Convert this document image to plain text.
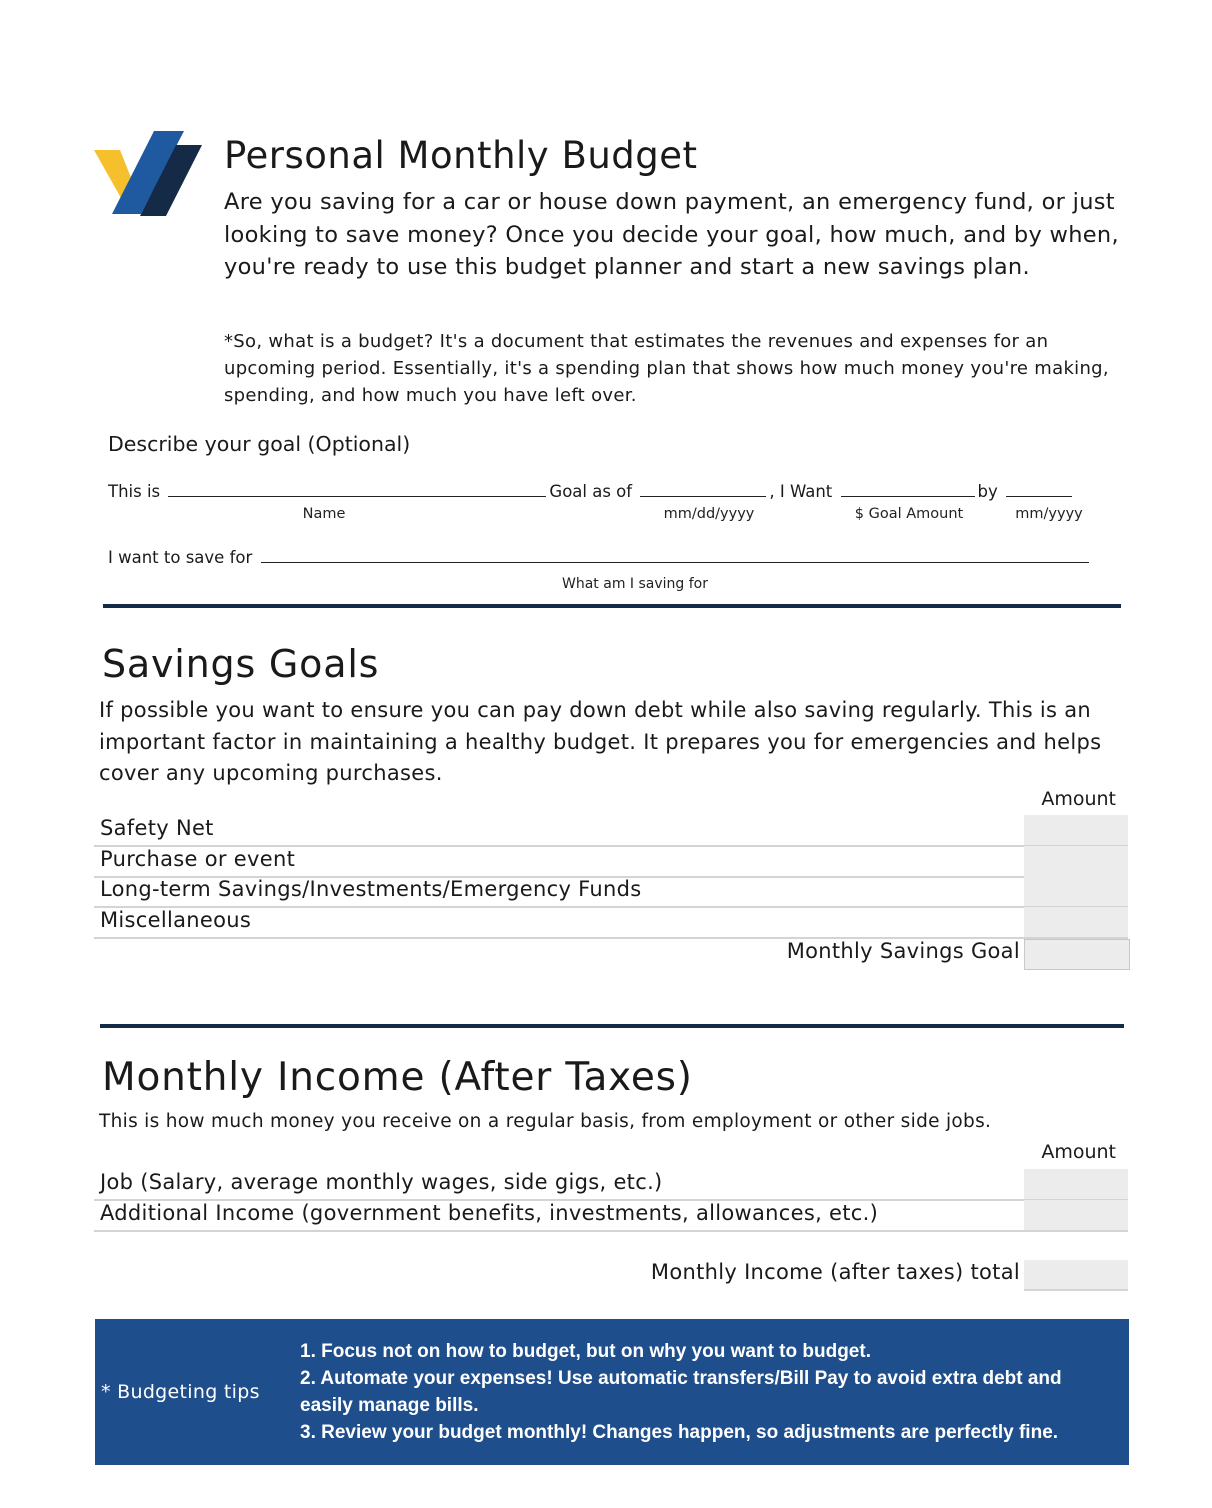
Personal Monthly Budget
Are you saving for a car or house down payment, an emergency fund, or just looking to save money? Once you decide your goal, how much, and by when, you're ready to use this budget planner and start a new savings plan.
*So, what is a budget? It's a document that estimates the revenues and expenses for an upcoming period. Essentially, it's a spending plan that shows how much money you're making, spending, and how much you have left over.
Describe your goal (Optional)
This is	Goal as of	, I Want	by
Name	mm/dd/yyyy	$ Goal Amount	mm/yyyy
I want to save for
What am I saving for
Savings Goals
If possible you want to ensure you can pay down debt while also saving regularly. This is an important factor in maintaining a healthy budget. It prepares you for emergencies and helps cover any upcoming purchases.
Amount
Safety Net
Purchase or event
Long-term Savings/Investments/Emergency Funds
Miscellaneous
Monthly Savings Goal
Monthly Income (After Taxes)
This is how much money you receive on a regular basis, from employment or other side jobs.
Amount
Job (Salary, average monthly wages, side gigs, etc.)
Additional Income (government benefits, investments, allowances, etc.)
Monthly Income (after taxes) total
* Budgeting tips
1. Focus not on how to budget, but on why you want to budget.
2. Automate your expenses! Use automatic transfers/Bill Pay to avoid extra debt and easily manage bills.
3. Review your budget monthly! Changes happen, so adjustments are perfectly fine.
